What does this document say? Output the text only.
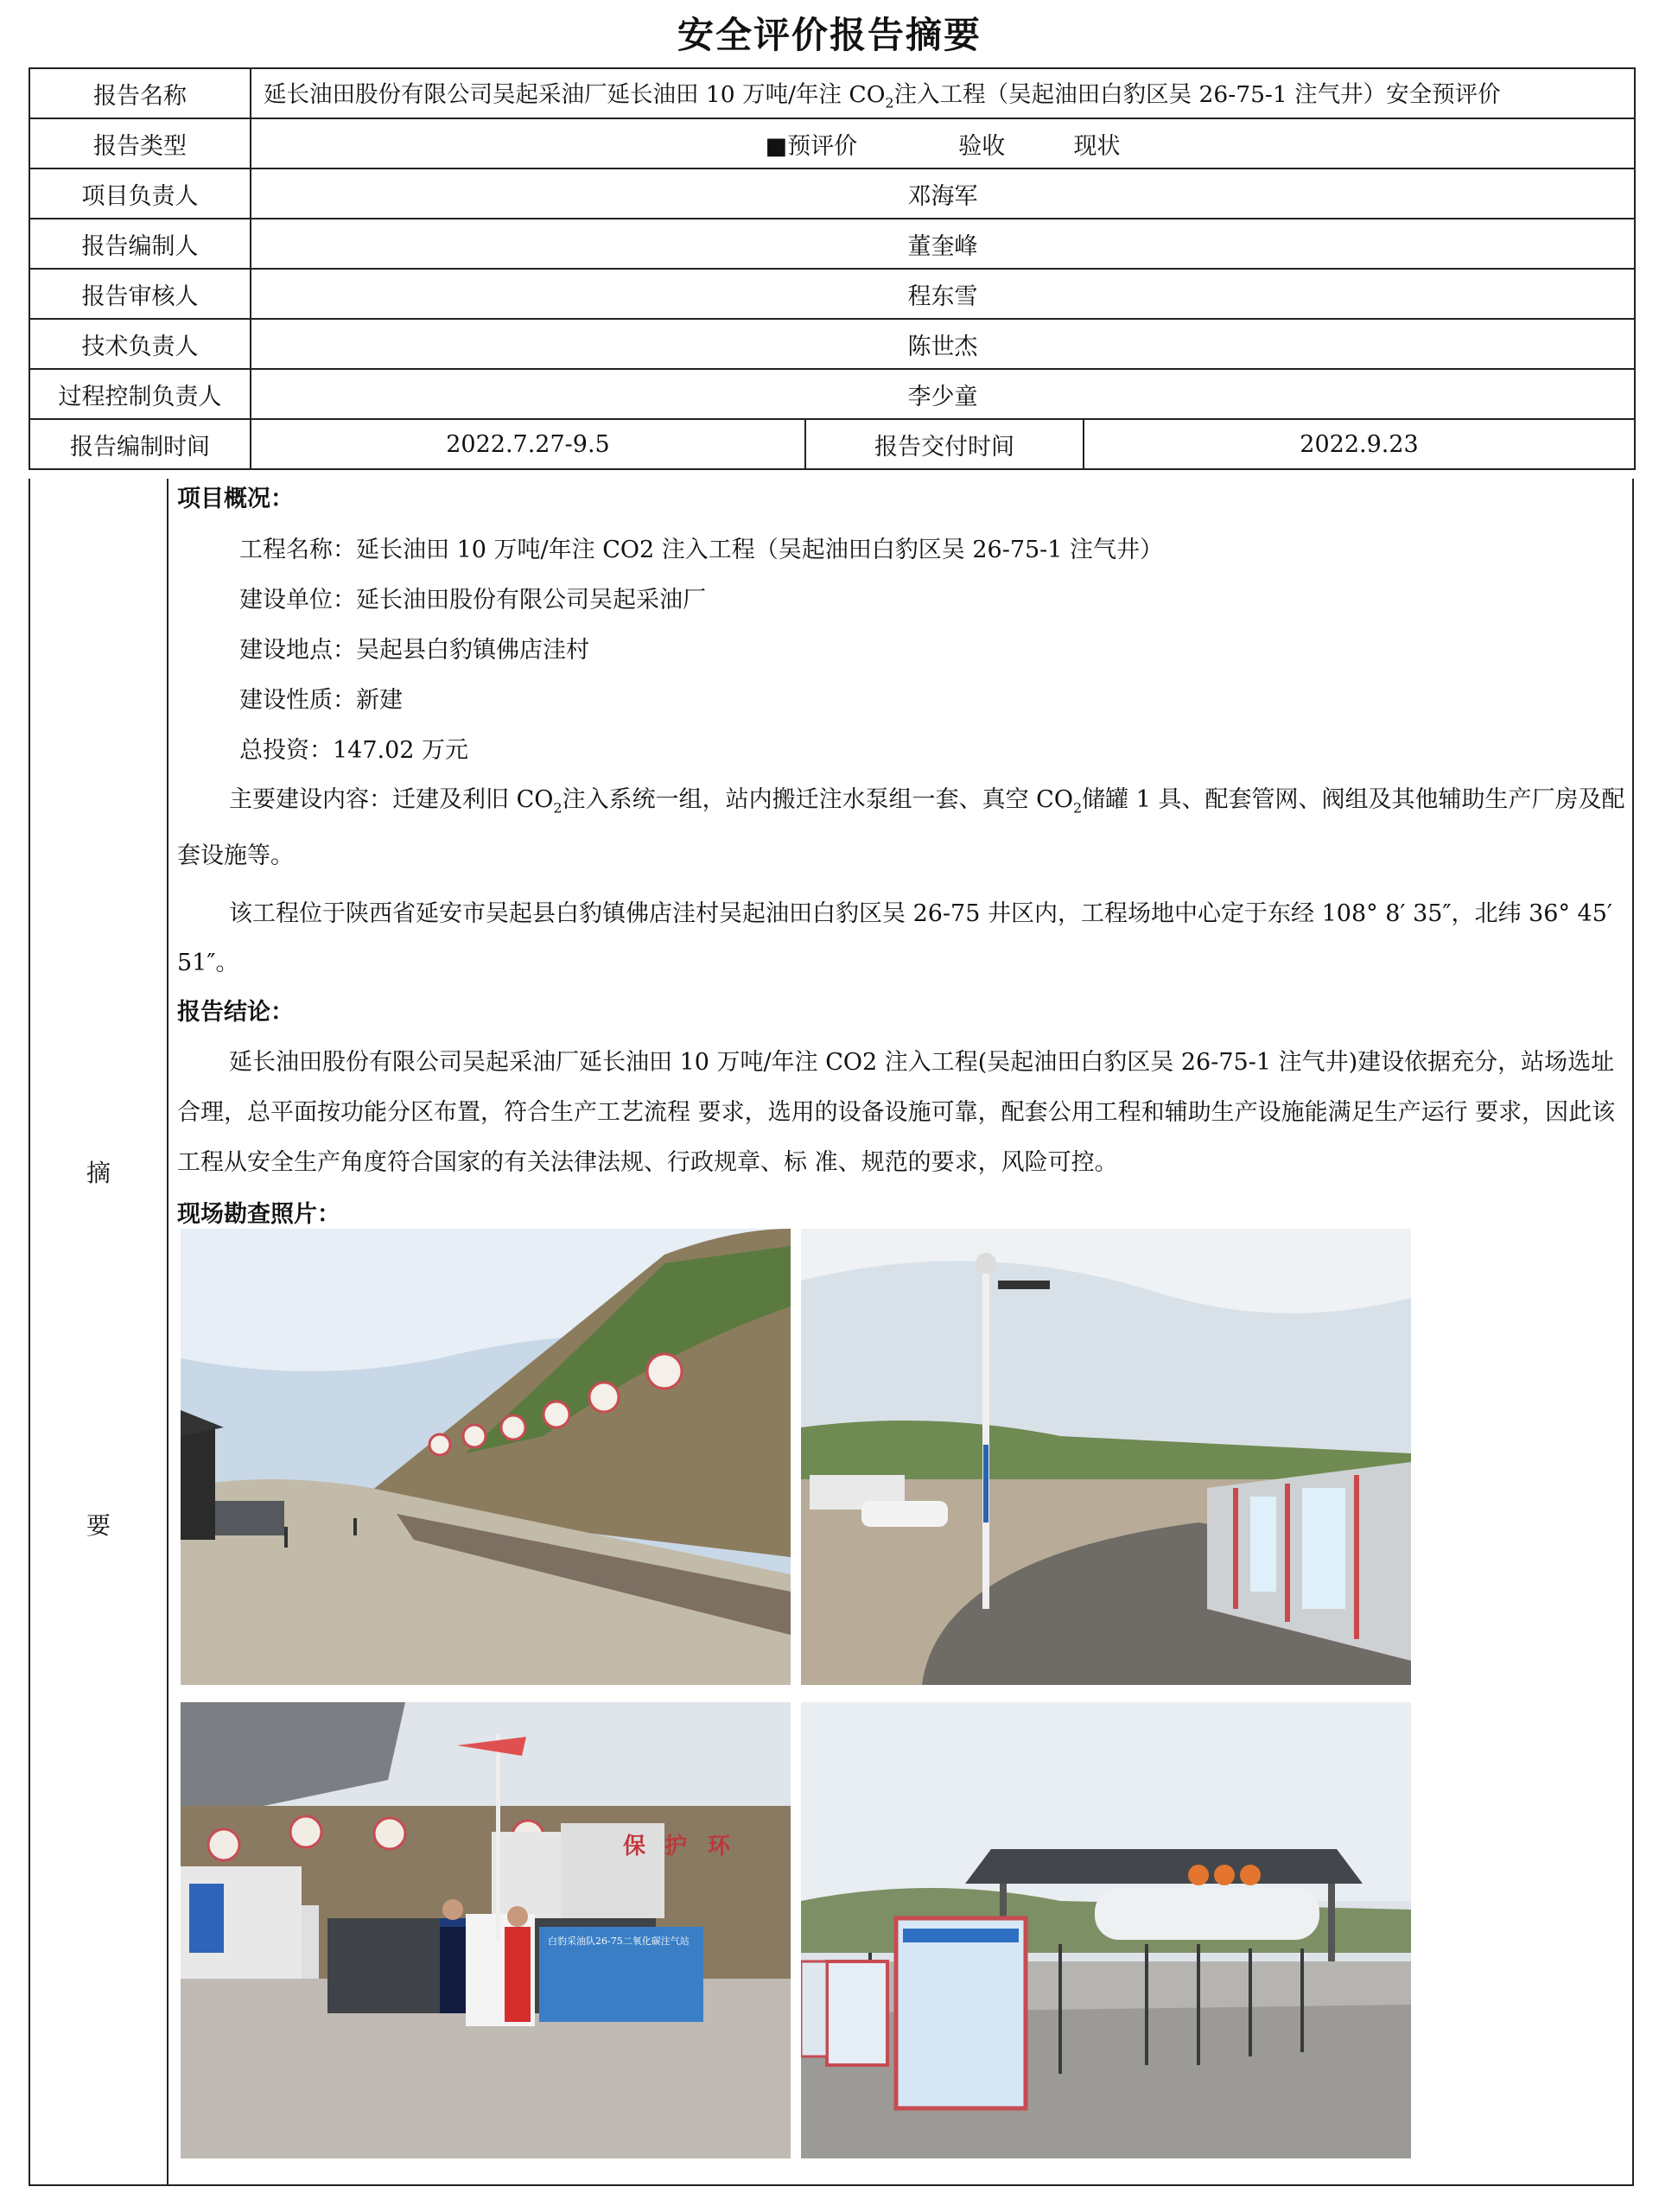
安全评价报告摘要
报告名称	延长油田股份有限公司吴起采油厂延长油田 10 万吨/年注 $CO_2$注入工程（吴起油田白豹区吴 26-75-1 注气井）安全预评价		
报告类型	■预评价 验收 现状		
项目负责人	邓海军		
报告编制人	董奎峰		
报告审核人	程东雪		
技术负责人	陈世杰		
过程控制负责人	李少童		
报告编制时间	2022.7.27-9.5	报告交付时间	2022.9.23
摘
要

项目概况：

工程名称：延长油田 10 万吨/年注 CO2 注入工程（吴起油田白豹区吴 26-75-1 注气井）

建设单位：延长油田股份有限公司吴起采油厂

建设地点：吴起县白豹镇佛店洼村

建设性质：新建

总投资：147.02 万元

主要建设内容：迁建及利旧 $CO_2$注入系统一组，站内搬迁注水泵组一套、真空 $CO_2$储罐 1 具、配套管网、阀组及其他辅助生产厂房及配套设施等。

该工程位于陕西省延安市吴起县白豹镇佛店洼村吴起油田白豹区吴 26-75 井区内，工程场地中心定于东经 108° 8′ 35″，北纬 36° 45′ 51″。

报告结论：

延长油田股份有限公司吴起采油厂延长油田 10 万吨/年注 CO2 注入工程(吴起油田白豹区吴 26-75-1 注气井)建设依据充分，站场选址合理，总平面按功能分区布置，符合生产工艺流程 要求，选用的设备设施可靠，配套公用工程和辅助生产设施能满足生产运行 要求，因此该工程从安全生产角度符合国家的有关法律法规、行政规章、标 准、规范的要求，风险可控。

现场勘查照片：

保 护 环
白豹采油队26-75二氧化碳注气站
